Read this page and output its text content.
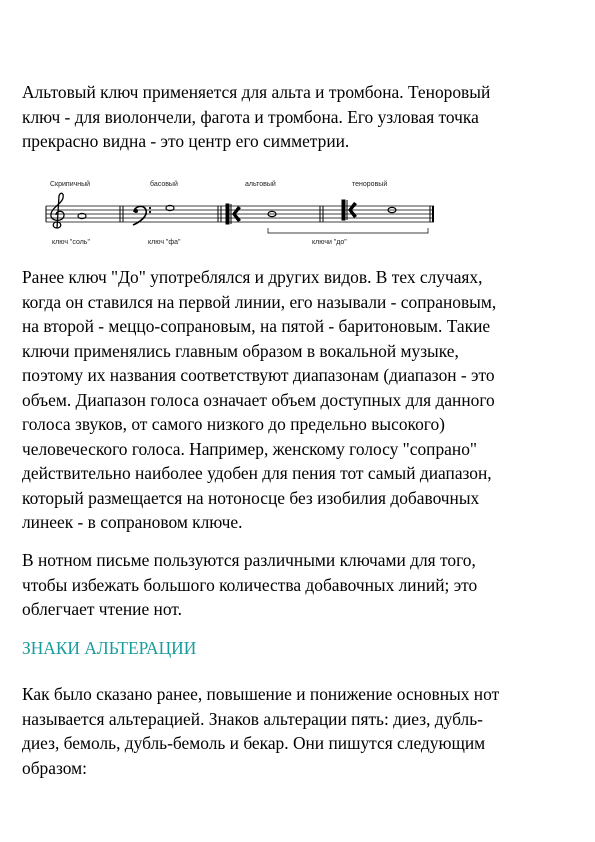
Альтовый ключ применяется для альта и тромбона. Теноровый
ключ - для виолончели, фагота и тромбона. Его узловая точка
прекрасно видна - это центр его симметрии.
Скрипичный	басовый	альтовый	теноровый
ключ "соль"	ключ "фа"	ключи "до"
Ранее ключ "До" употреблялся и других видов. В тех случаях,
когда он ставился на первой линии, его называли - сопрановым,
на второй - меццо-сопрановым, на пятой - баритоновым. Такие
ключи применялись главным образом в вокальной музыке,
поэтому их названия соответствуют диапазонам (диапазон - это
объем. Диапазон голоса означает объем доступных для данного
голоса звуков, от самого низкого до предельно высокого)
человеческого голоса. Например, женскому голосу "сопрано"
действительно наиболее удобен для пения тот самый диапазон,
который размещается на нотоносце без изобилия добавочных
линеек - в сопрановом ключе.
В нотном письме пользуются различными ключами для того,
чтобы избежать большого количества добавочных линий; это
облегчает чтение нот.
ЗНАКИ АЛЬТЕРАЦИИ
Как было сказано ранее, повышение и понижение основных нот
называется альтерацией. Знаков альтерации пять: диез, дубль-
диез, бемоль, дубль-бемоль и бекар. Они пишутся следующим
образом:
